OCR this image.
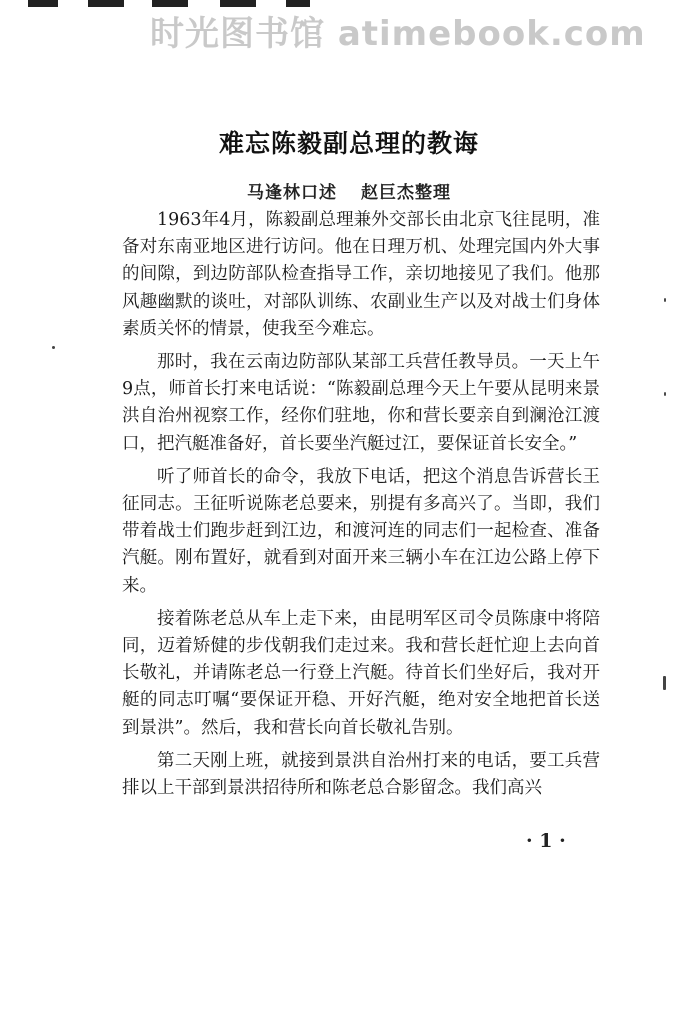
时光图书馆 atimebook.com
难忘陈毅副总理的教诲
马逢林口述 赵巨杰整理

1963年4月，陈毅副总理兼外交部长由北京飞往昆明，准备对东南亚地区进行访问。他在日理万机、处理完国内外大事的间隙，到边防部队检查指导工作，亲切地接见了我们。他那风趣幽默的谈吐，对部队训练、农副业生产以及对战士们身体素质关怀的情景，使我至今难忘。

那时，我在云南边防部队某部工兵营任教导员。一天上午9点，师首长打来电话说：“陈毅副总理今天上午要从昆明来景洪自治州视察工作，经你们驻地，你和营长要亲自到澜沧江渡口，把汽艇准备好，首长要坐汽艇过江，要保证首长安全。”

听了师首长的命令，我放下电话，把这个消息告诉营长王征同志。王征听说陈老总要来，别提有多高兴了。当即，我们带着战士们跑步赶到江边，和渡河连的同志们一起检查、准备汽艇。刚布置好，就看到对面开来三辆小车在江边公路上停下来。

接着陈老总从车上走下来，由昆明军区司令员陈康中将陪同，迈着矫健的步伐朝我们走过来。我和营长赶忙迎上去向首长敬礼，并请陈老总一行登上汽艇。待首长们坐好后，我对开艇的同志叮嘱“要保证开稳、开好汽艇，绝对安全地把首长送到景洪”。然后，我和营长向首长敬礼告别。

第二天刚上班，就接到景洪自治州打来的电话，要工兵营排以上干部到景洪招待所和陈老总合影留念。我们高兴

· 1 ·
